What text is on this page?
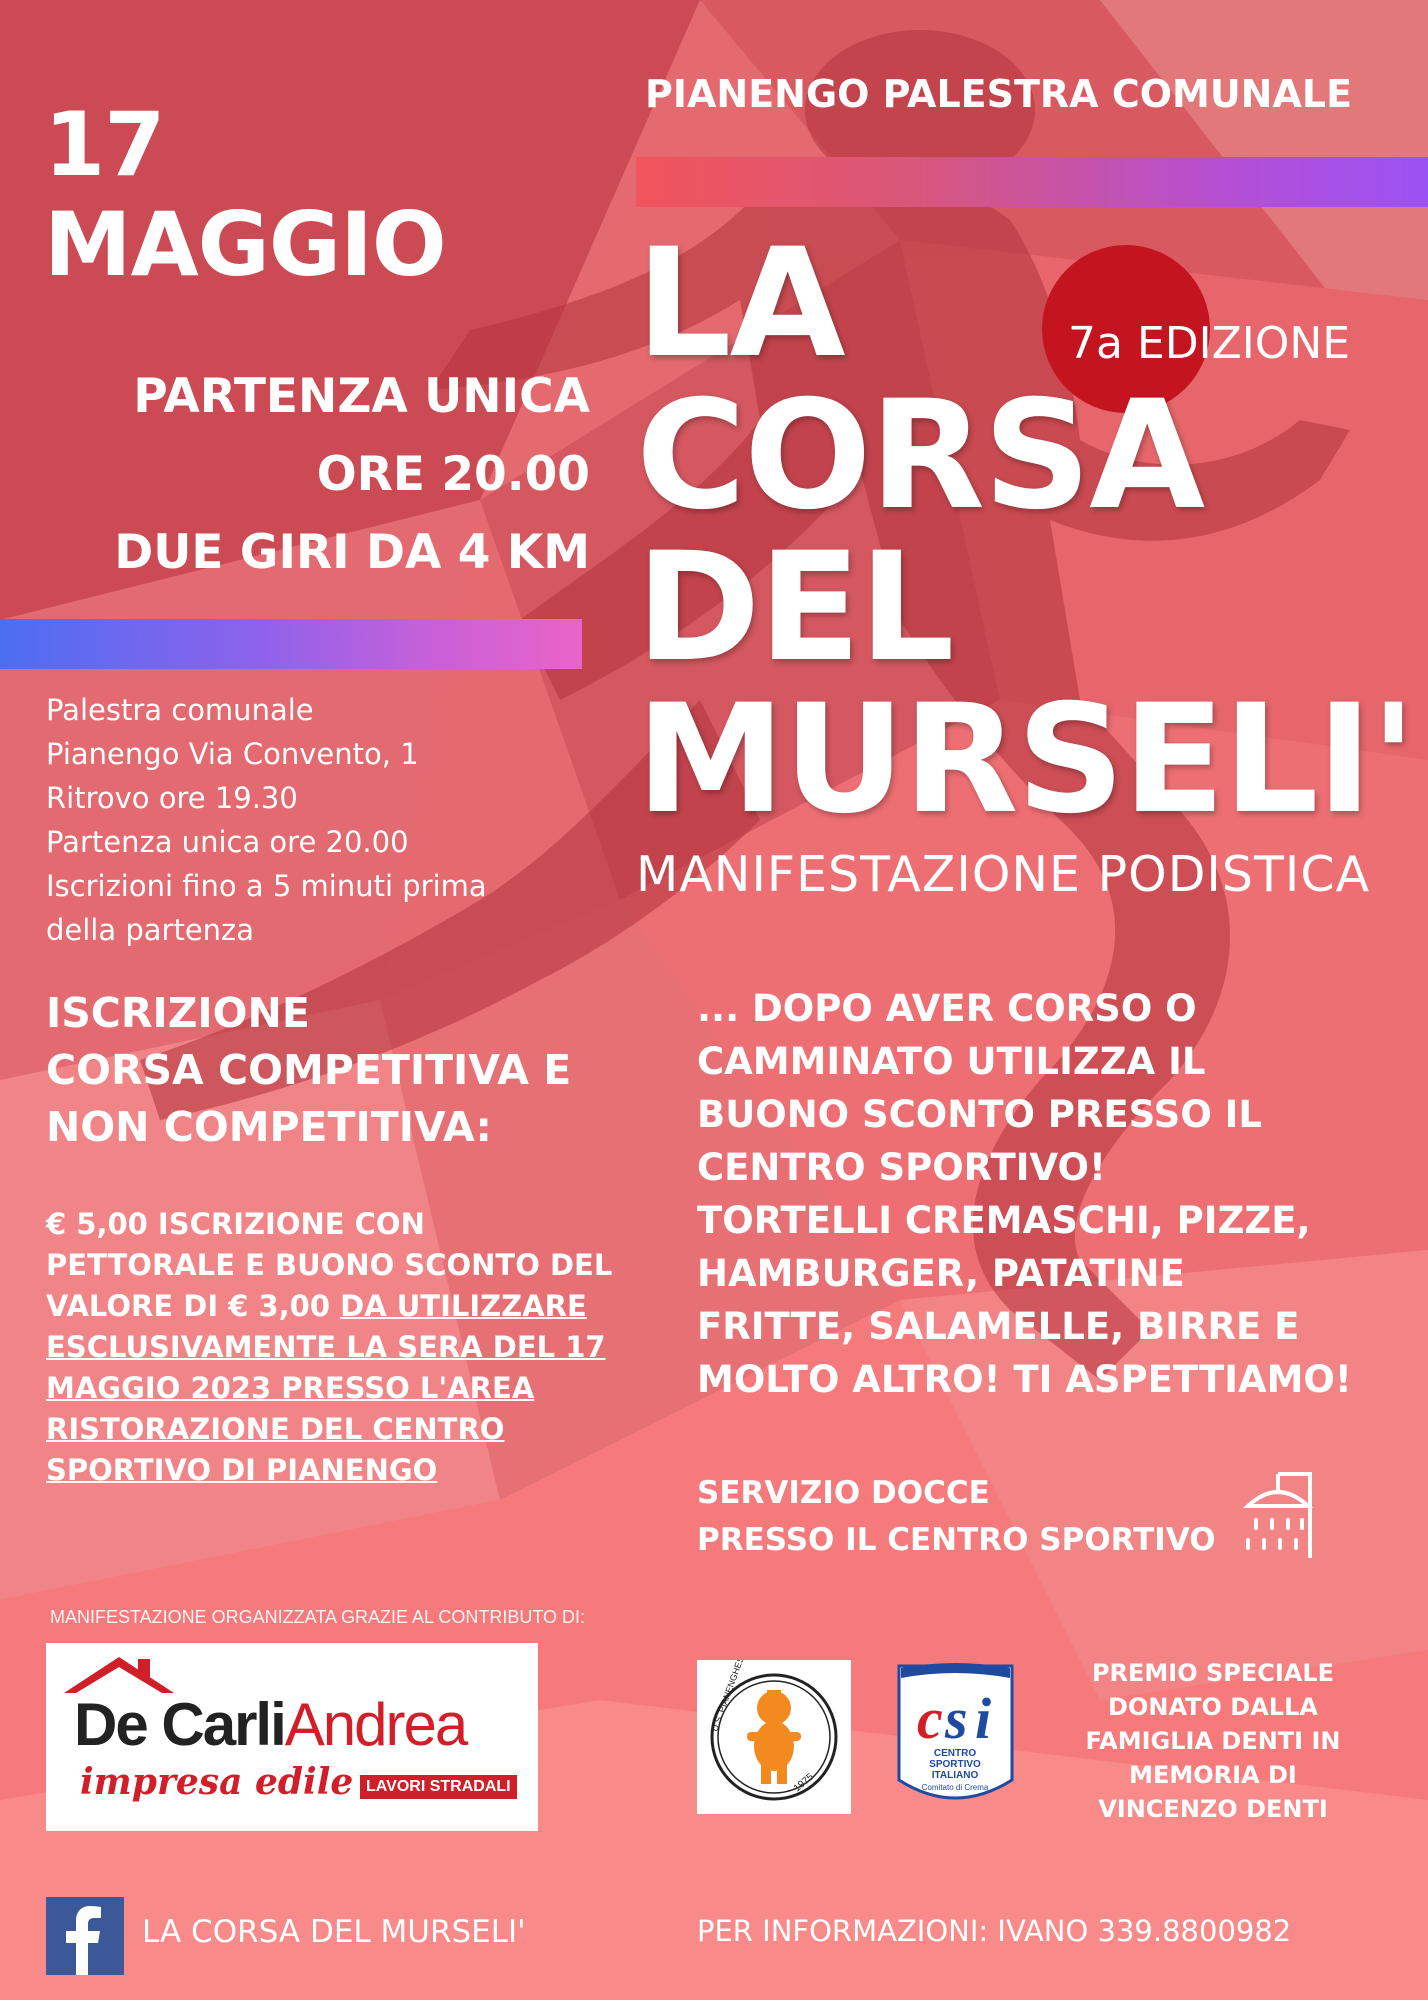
17
MAGGIO
PIANENGO PALESTRA COMUNALE
PARTENZA UNICA
ORE 20.00
DUE GIRI DA 4 KM
LA
CORSA
DEL
MURSELI'
7a EDIZIONE
MANIFESTAZIONE PODISTICA
Palestra comunale
Pianengo Via Convento, 1
Ritrovo ore 19.30
Partenza unica ore 20.00
Iscrizioni fino a 5 minuti prima
della partenza
ISCRIZIONE
CORSA COMPETITIVA E
NON COMPETITIVA:
€ 5,00 ISCRIZIONE CON
PETTORALE E BUONO SCONTO DEL
VALORE DI € 3,00 DA UTILIZZARE
ESCLUSIVAMENTE LA SERA DEL 17
MAGGIO 2023 PRESSO L'AREA
RISTORAZIONE DEL CENTRO
SPORTIVO DI PIANENGO
... DOPO AVER CORSO O
CAMMINATO UTILIZZA IL
BUONO SCONTO PRESSO IL
CENTRO SPORTIVO!
TORTELLI CREMASCHI, PIZZE,
HAMBURGER, PATATINE
FRITTE, SALAMELLE, BIRRE E
MOLTO ALTRO! TI ASPETTIAMO!
SERVIZIO DOCCE
PRESSO IL CENTRO SPORTIVO
MANIFESTAZIONE ORGANIZZATA GRAZIE AL CONTRIBUTO DI:
De CarliAndrea
impresa edile LAVORI STRADALI
U.S. PIANENGHESE
1975
c s i
CENTRO
SPORTIVO
ITALIANO
Comitato di Crema
PREMIO SPECIALE
DONATO DALLA
FAMIGLIA DENTI IN
MEMORIA DI
VINCENZO DENTI
LA CORSA DEL MURSELI'	PER INFORMAZIONI: IVANO 339.8800982
